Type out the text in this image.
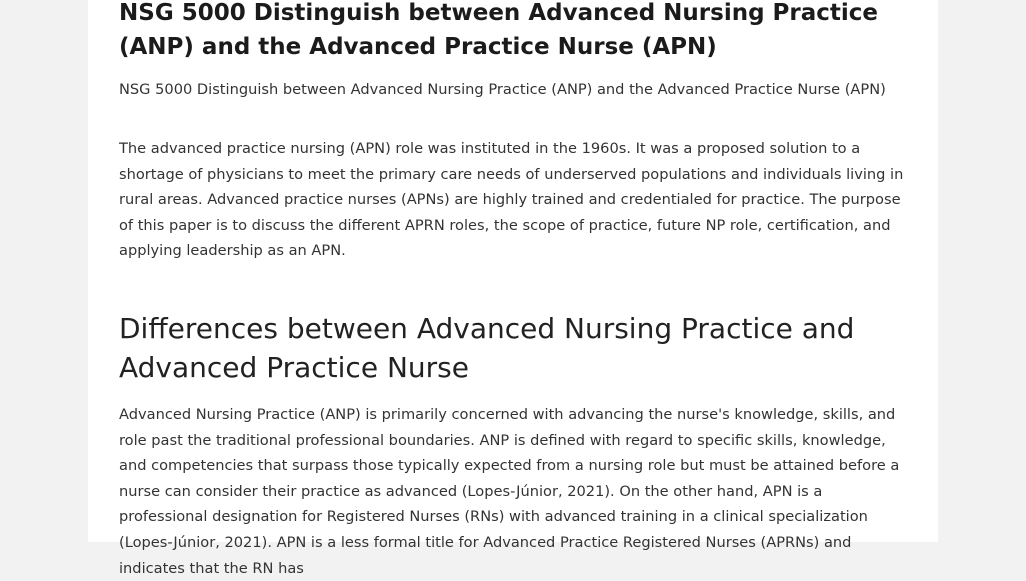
NSG 5000 Distinguish between Advanced Nursing Practice (ANP) and the Advanced Practice Nurse (APN)

NSG 5000 Distinguish between Advanced Nursing Practice (ANP) and the Advanced Practice Nurse (APN)

The advanced practice nursing (APN) role was instituted in the 1960s. It was a proposed solution to a shortage of physicians to meet the primary care needs of underserved populations and individuals living in rural areas. Advanced practice nurses (APNs) are highly trained and credentialed for practice. The purpose of this paper is to discuss the different APRN roles, the scope of practice, future NP role, certification, and applying leadership as an APN.

Differences between Advanced Nursing Practice and Advanced Practice Nurse

Advanced Nursing Practice (ANP) is primarily concerned with advancing the nurse's knowledge, skills, and role past the traditional professional boundaries. ANP is defined with regard to specific skills, knowledge, and competencies that surpass those typically expected from a nursing role but must be attained before a nurse can consider their practice as advanced (Lopes-Júnior, 2021). On the other hand, APN is a professional designation for Registered Nurses (RNs) with advanced training in a clinical specialization (Lopes-Júnior, 2021). APN is a less formal title for Advanced Practice Registered Nurses (APRNs) and indicates that the RN has
